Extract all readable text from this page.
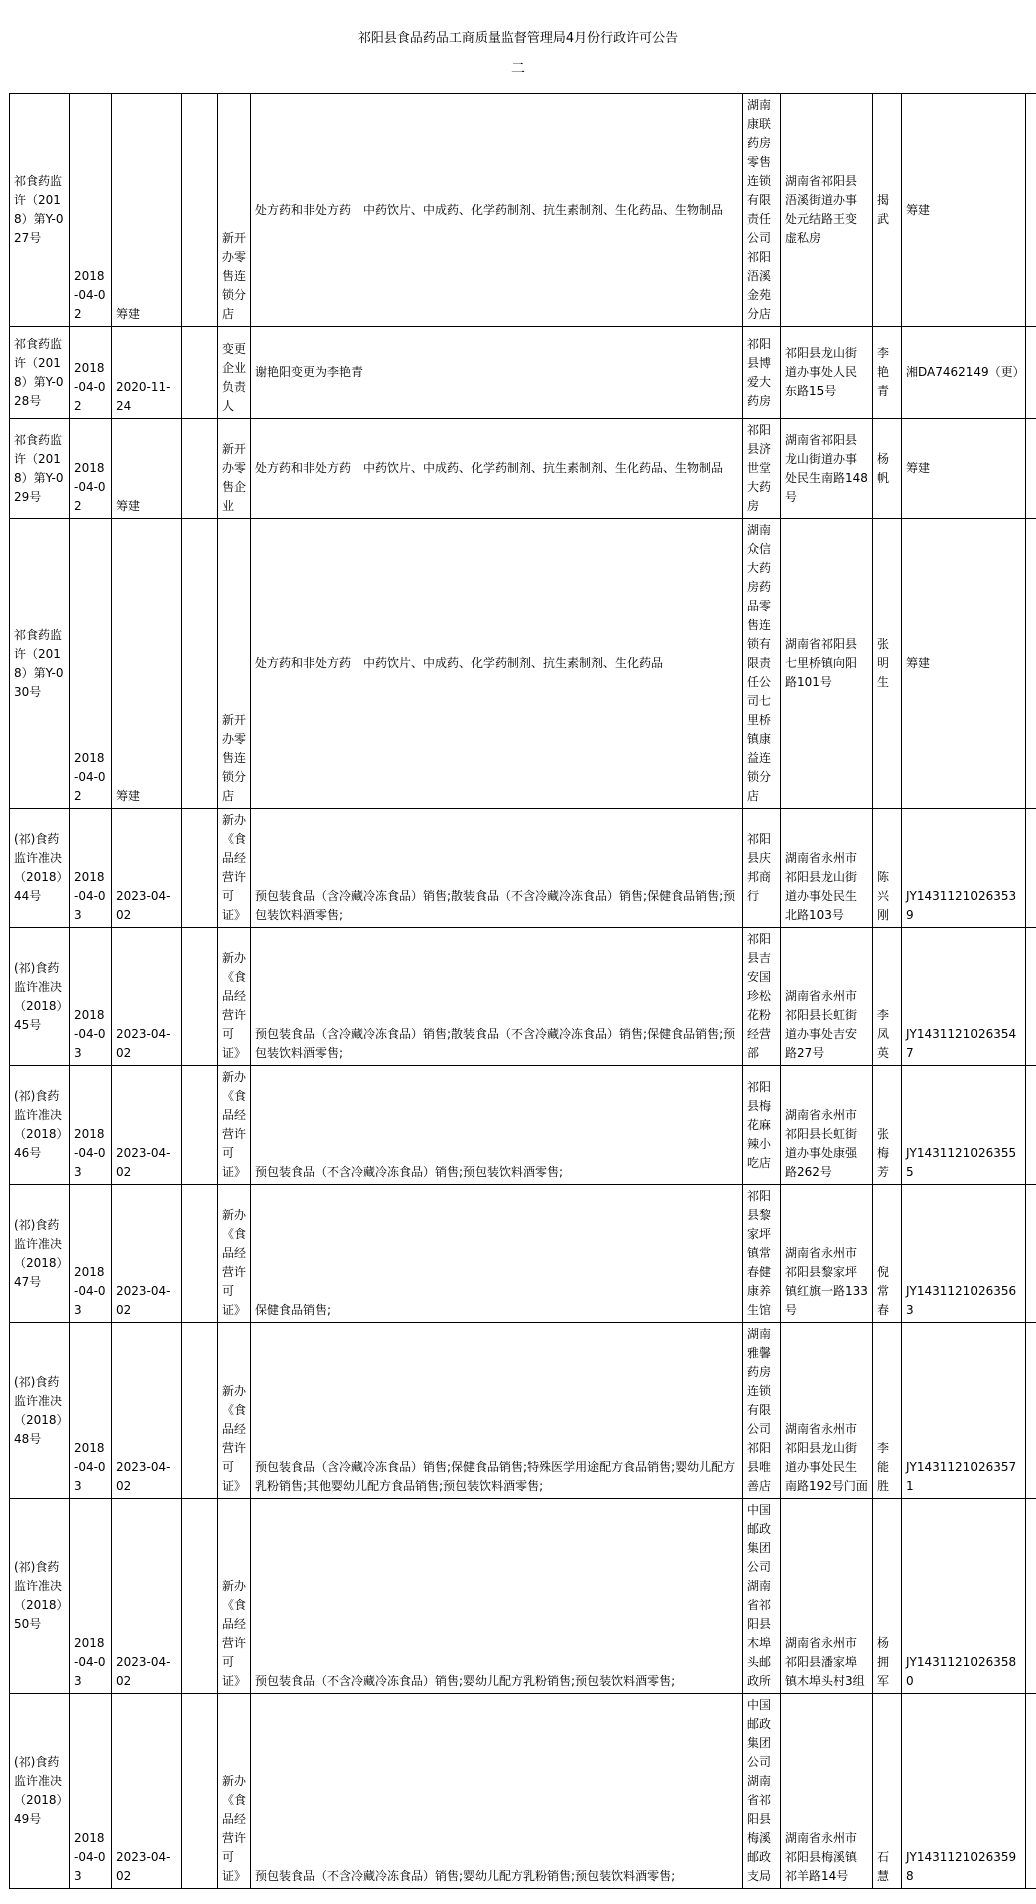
祁阳县食品药品工商质量监督管理局4月份行政许可公告
二
祁食药监许（2018）第Y-027号	2018-04-02	筹建		新开办零售连锁分店	处方药和非处方药　中药饮片、中成药、化学药制剂、抗生素制剂、生化药品、生物制品	湖南康联药房零售连锁有限责任公司祁阳浯溪金苑分店	湖南省祁阳县浯溪街道办事处元结路王变虚私房	揭武	筹建	
祁食药监许（2018）第Y-028号	2018-04-02	2020-11-24		变更企业负责人	谢艳阳变更为李艳青	祁阳县博爱大药房	祁阳县龙山街道办事处人民东路15号	李艳青	湘DA7462149（更）	
祁食药监许（2018）第Y-029号	2018-04-02	筹建		新开办零售企业	处方药和非处方药　中药饮片、中成药、化学药制剂、抗生素制剂、生化药品、生物制品	祁阳县济世堂大药房	湖南省祁阳县龙山街道办事处民生南路148号	杨帆	筹建	
祁食药监许（2018）第Y-030号	2018-04-02	筹建		新开办零售连锁分店	处方药和非处方药　中药饮片、中成药、化学药制剂、抗生素制剂、生化药品	湖南众信大药房药品零售连锁有限责任公司七里桥镇康益连锁分店	湖南省祁阳县七里桥镇向阳路101号	张明生	筹建	
(祁)食药监许准决（2018）44号	2018-04-03	2023-04-02		新办《食品经营许可证》	预包装食品（含冷藏冷冻食品）销售;散装食品（不含冷藏冷冻食品）销售;保健食品销售;预包装饮料酒零售;	祁阳县庆邦商行	湖南省永州市祁阳县龙山街道办事处民生北路103号	陈兴刚	JY14311210263539	
(祁)食药监许准决（2018）45号	2018-04-03	2023-04-02		新办《食品经营许可证》	预包装食品（含冷藏冷冻食品）销售;散装食品（不含冷藏冷冻食品）销售;保健食品销售;预包装饮料酒零售;	祁阳县吉安国珍松花粉经营部	湖南省永州市祁阳县长虹街道办事处吉安路27号	李凤英	JY14311210263547	
(祁)食药监许准决（2018）46号	2018-04-03	2023-04-02		新办《食品经营许可证》	预包装食品（不含冷藏冷冻食品）销售;预包装饮料酒零售;	祁阳县梅花麻辣小吃店	湖南省永州市祁阳县长虹街道办事处康强路262号	张梅芳	JY14311210263555	
(祁)食药监许准决（2018）47号	2018-04-03	2023-04-02		新办《食品经营许可证》	保健食品销售;	祁阳县黎家坪镇常春健康养生馆	湖南省永州市祁阳县黎家坪镇红旗一路133号	倪常春	JY14311210263563	
(祁)食药监许准决（2018）48号	2018-04-03	2023-04-02		新办《食品经营许可证》	预包装食品（含冷藏冷冻食品）销售;保健食品销售;特殊医学用途配方食品销售;婴幼儿配方乳粉销售;其他婴幼儿配方食品销售;预包装饮料酒零售;	湖南雅馨药房连锁有限公司祁阳县唯善店	湖南省永州市祁阳县龙山街道办事处民生南路192号门面	李能胜	JY14311210263571	
(祁)食药监许准决（2018）50号	2018-04-03	2023-04-02		新办《食品经营许可证》	预包装食品（不含冷藏冷冻食品）销售;婴幼儿配方乳粉销售;预包装饮料酒零售;	中国邮政集团公司湖南省祁阳县木埠头邮政所	湖南省永州市祁阳县潘家埠镇木埠头村3组	杨拥军	JY14311210263580	
(祁)食药监许准决（2018）49号	2018-04-03	2023-04-02		新办《食品经营许可证》	预包装食品（不含冷藏冷冻食品）销售;婴幼儿配方乳粉销售;预包装饮料酒零售;	中国邮政集团公司湖南省祁阳县梅溪邮政支局	湖南省永州市祁阳县梅溪镇祁羊路14号	石慧	JY14311210263598	
